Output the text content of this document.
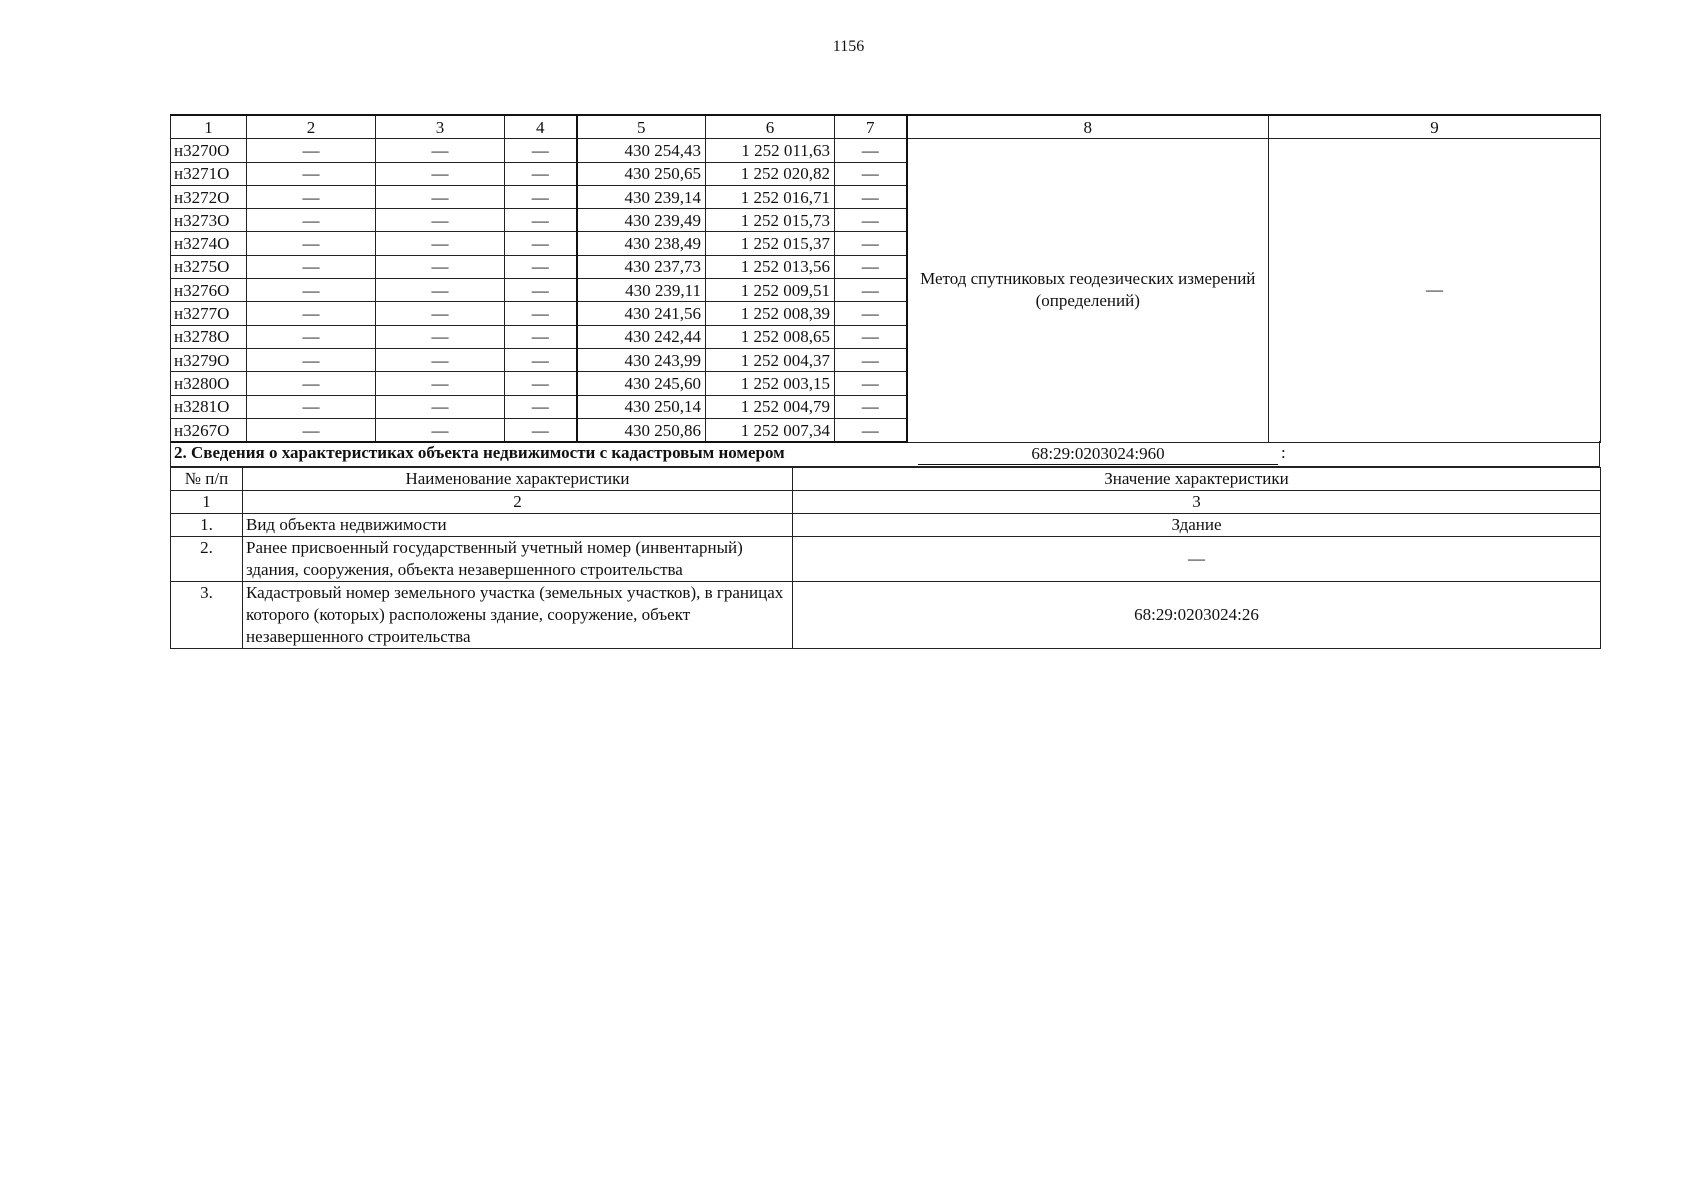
1156
1	2	3	4	5	6	7	8	9
н3270О	—	—	—	430 254,43	1 252 011,63	—	Метод спутниковых геодезических измерений (определений)	—
н3271О	—	—	—	430 250,65	1 252 020,82	—		
н3272О	—	—	—	430 239,14	1 252 016,71	—		
н3273О	—	—	—	430 239,49	1 252 015,73	—		
н3274О	—	—	—	430 238,49	1 252 015,37	—		
н3275О	—	—	—	430 237,73	1 252 013,56	—		
н3276О	—	—	—	430 239,11	1 252 009,51	—		
н3277О	—	—	—	430 241,56	1 252 008,39	—		
н3278О	—	—	—	430 242,44	1 252 008,65	—		
н3279О	—	—	—	430 243,99	1 252 004,37	—		
н3280О	—	—	—	430 245,60	1 252 003,15	—		
н3281О	—	—	—	430 250,14	1 252 004,79	—		
н3267О	—	—	—	430 250,86	1 252 007,34	—		
2. Сведения о характеристиках объекта недвижимости с кадастровым номером	68:29:0203024:960	:
№ п/п	Наименование характеристики	Значение характеристики
1	2	3
1.	Вид объекта недвижимости	Здание
2.	Ранее присвоенный государственный учетный номер (инвентарный) здания, сооружения, объекта незавершенного строительства	—
3.	Кадастровый номер земельного участка (земельных участков), в границах которого (которых) расположены здание, сооружение, объект незавершенного строительства	68:29:0203024:26
